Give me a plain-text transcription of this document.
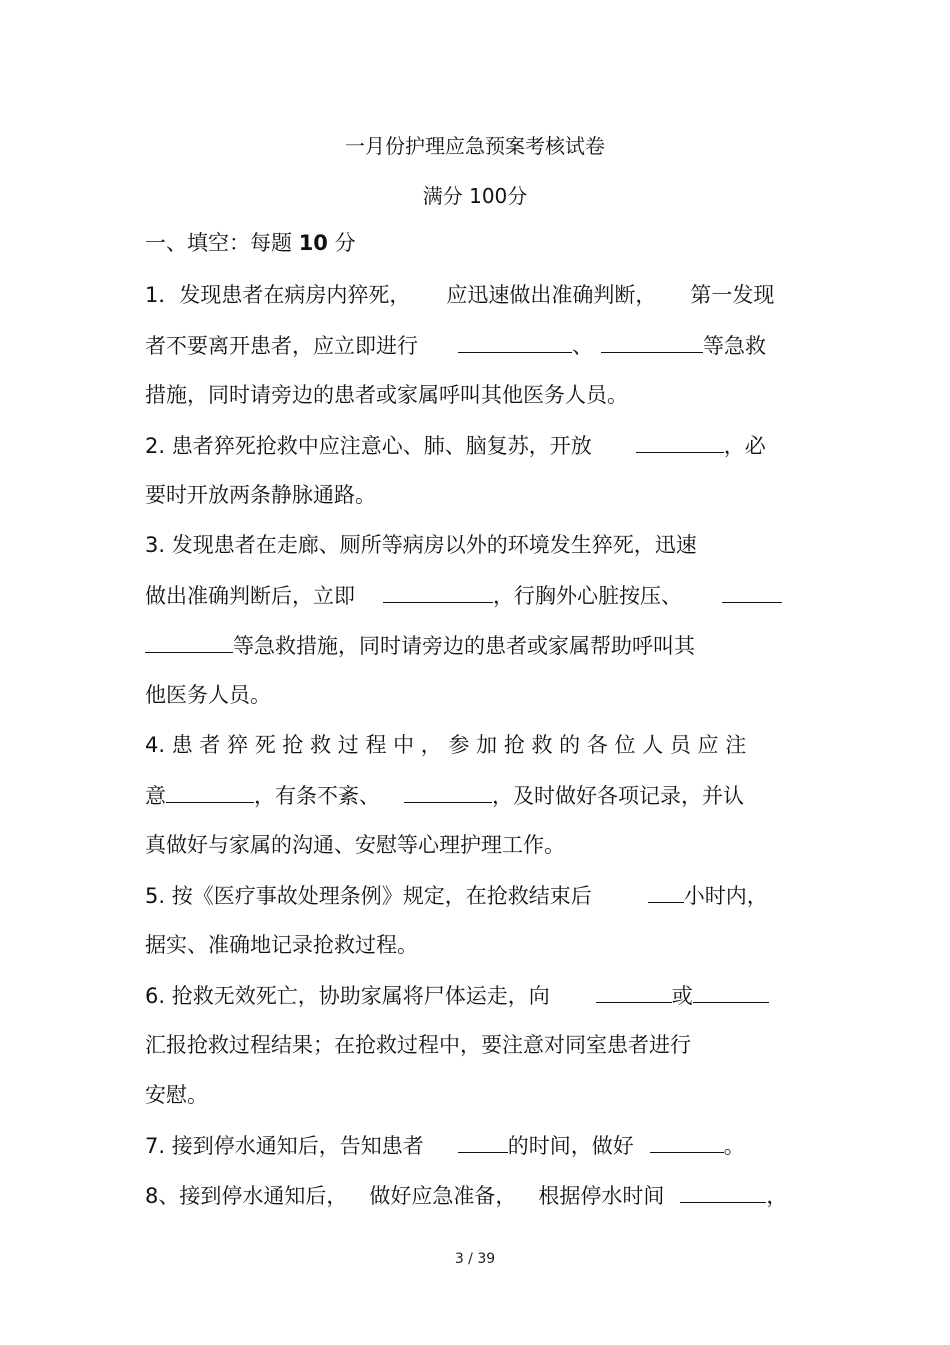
一月份护理应急预案考核试卷
满分 100分
一、填空：每题 10 分
1．发现患者在病房内猝死， 应迅速做出准确判断， 第一发现
者不要离开患者，应立即进行	、	等急救
措施，同时请旁边的患者或家属呼叫其他医务人员。
2. 患者猝死抢救中应注意心、肺、脑复苏，开放	，必
要时开放两条静脉通路。
3. 发现患者在走廊、厕所等病房以外的环境发生猝死，迅速
做出准确判断后，立即	，行胸外心脏按压、
等急救措施，同时请旁边的患者或家属帮助呼叫其
他医务人员。
4. 患 者 猝 死 抢 救 过 程 中 ， 参 加 抢 救 的 各 位 人 员 应 注
意	，有条不紊、	，及时做好各项记录，并认
真做好与家属的沟通、安慰等心理护理工作。
5. 按《医疗事故处理条例》规定，在抢救结束后	小时内，
据实、准确地记录抢救过程。
6. 抢救无效死亡，协助家属将尸体运走，向	或
汇报抢救过程结果；在抢救过程中，要注意对同室患者进行
安慰。
7. 接到停水通知后，告知患者	的时间，做好	。
8、接到停水通知后， 做好应急准备， 根据停水时间	，
3 / 39
